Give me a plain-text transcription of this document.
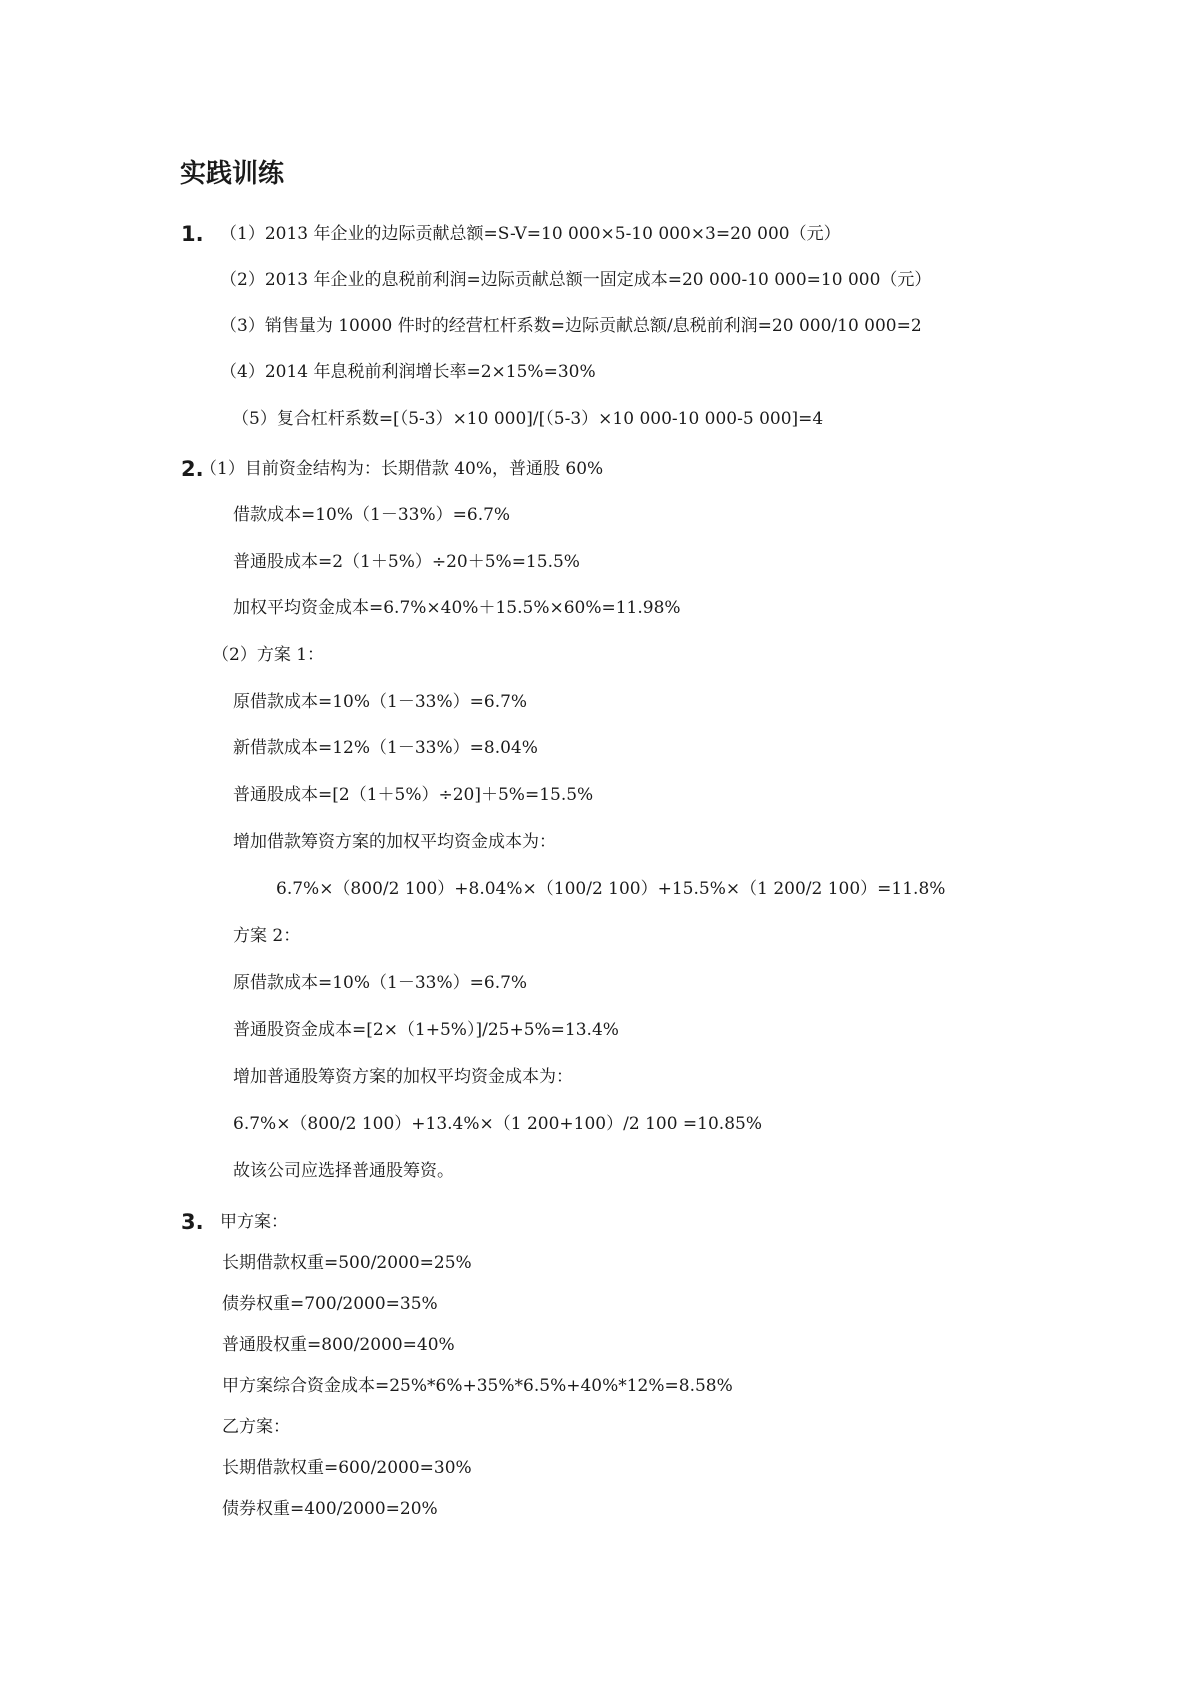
实践训练
1. （1）2013 年企业的边际贡献总额=S-V=10 000×5-10 000×3=20 000（元）
（2）2013 年企业的息税前利润=边际贡献总额一固定成本=20 000-10 000=10 000（元）
（3）销售量为 10000 件时的经营杠杆系数=边际贡献总额/息税前利润=20 000/10 000=2
（4）2014 年息税前利润增长率=2×15%=30%
（5）复合杠杆系数=[（5-3）×10 000]/[（5-3）×10 000-10 000-5 000]=4
2.
（1）目前资金结构为：长期借款 40%，普通股 60%
借款成本=10%（1－33%）=6.7%
普通股成本=2（1＋5%）÷20＋5%=15.5%
加权平均资金成本=6.7%×40%＋15.5%×60%=11.98%
（2）方案 1：
原借款成本=10%（1－33%）=6.7%
新借款成本=12%（1－33%）=8.04%
普通股成本=[2（1＋5%）÷20]＋5%=15.5%
增加借款筹资方案的加权平均资金成本为：
6.7%×（800/2 100）+8.04%×（100/2 100）+15.5%×（1 200/2 100）=11.8%
方案 2：
原借款成本=10%（1－33%）=6.7%
普通股资金成本=[2×（1+5%）]/25+5%=13.4%
增加普通股筹资方案的加权平均资金成本为：
6.7%×（800/2 100）+13.4%×（1 200+100）/2 100 =10.85%
故该公司应选择普通股筹资。
3. 甲方案：
长期借款权重=500/2000=25%
债券权重=700/2000=35%
普通股权重=800/2000=40%
甲方案综合资金成本=25%*6%+35%*6.5%+40%*12%=8.58%
乙方案：
长期借款权重=600/2000=30%
债券权重=400/2000=20%
